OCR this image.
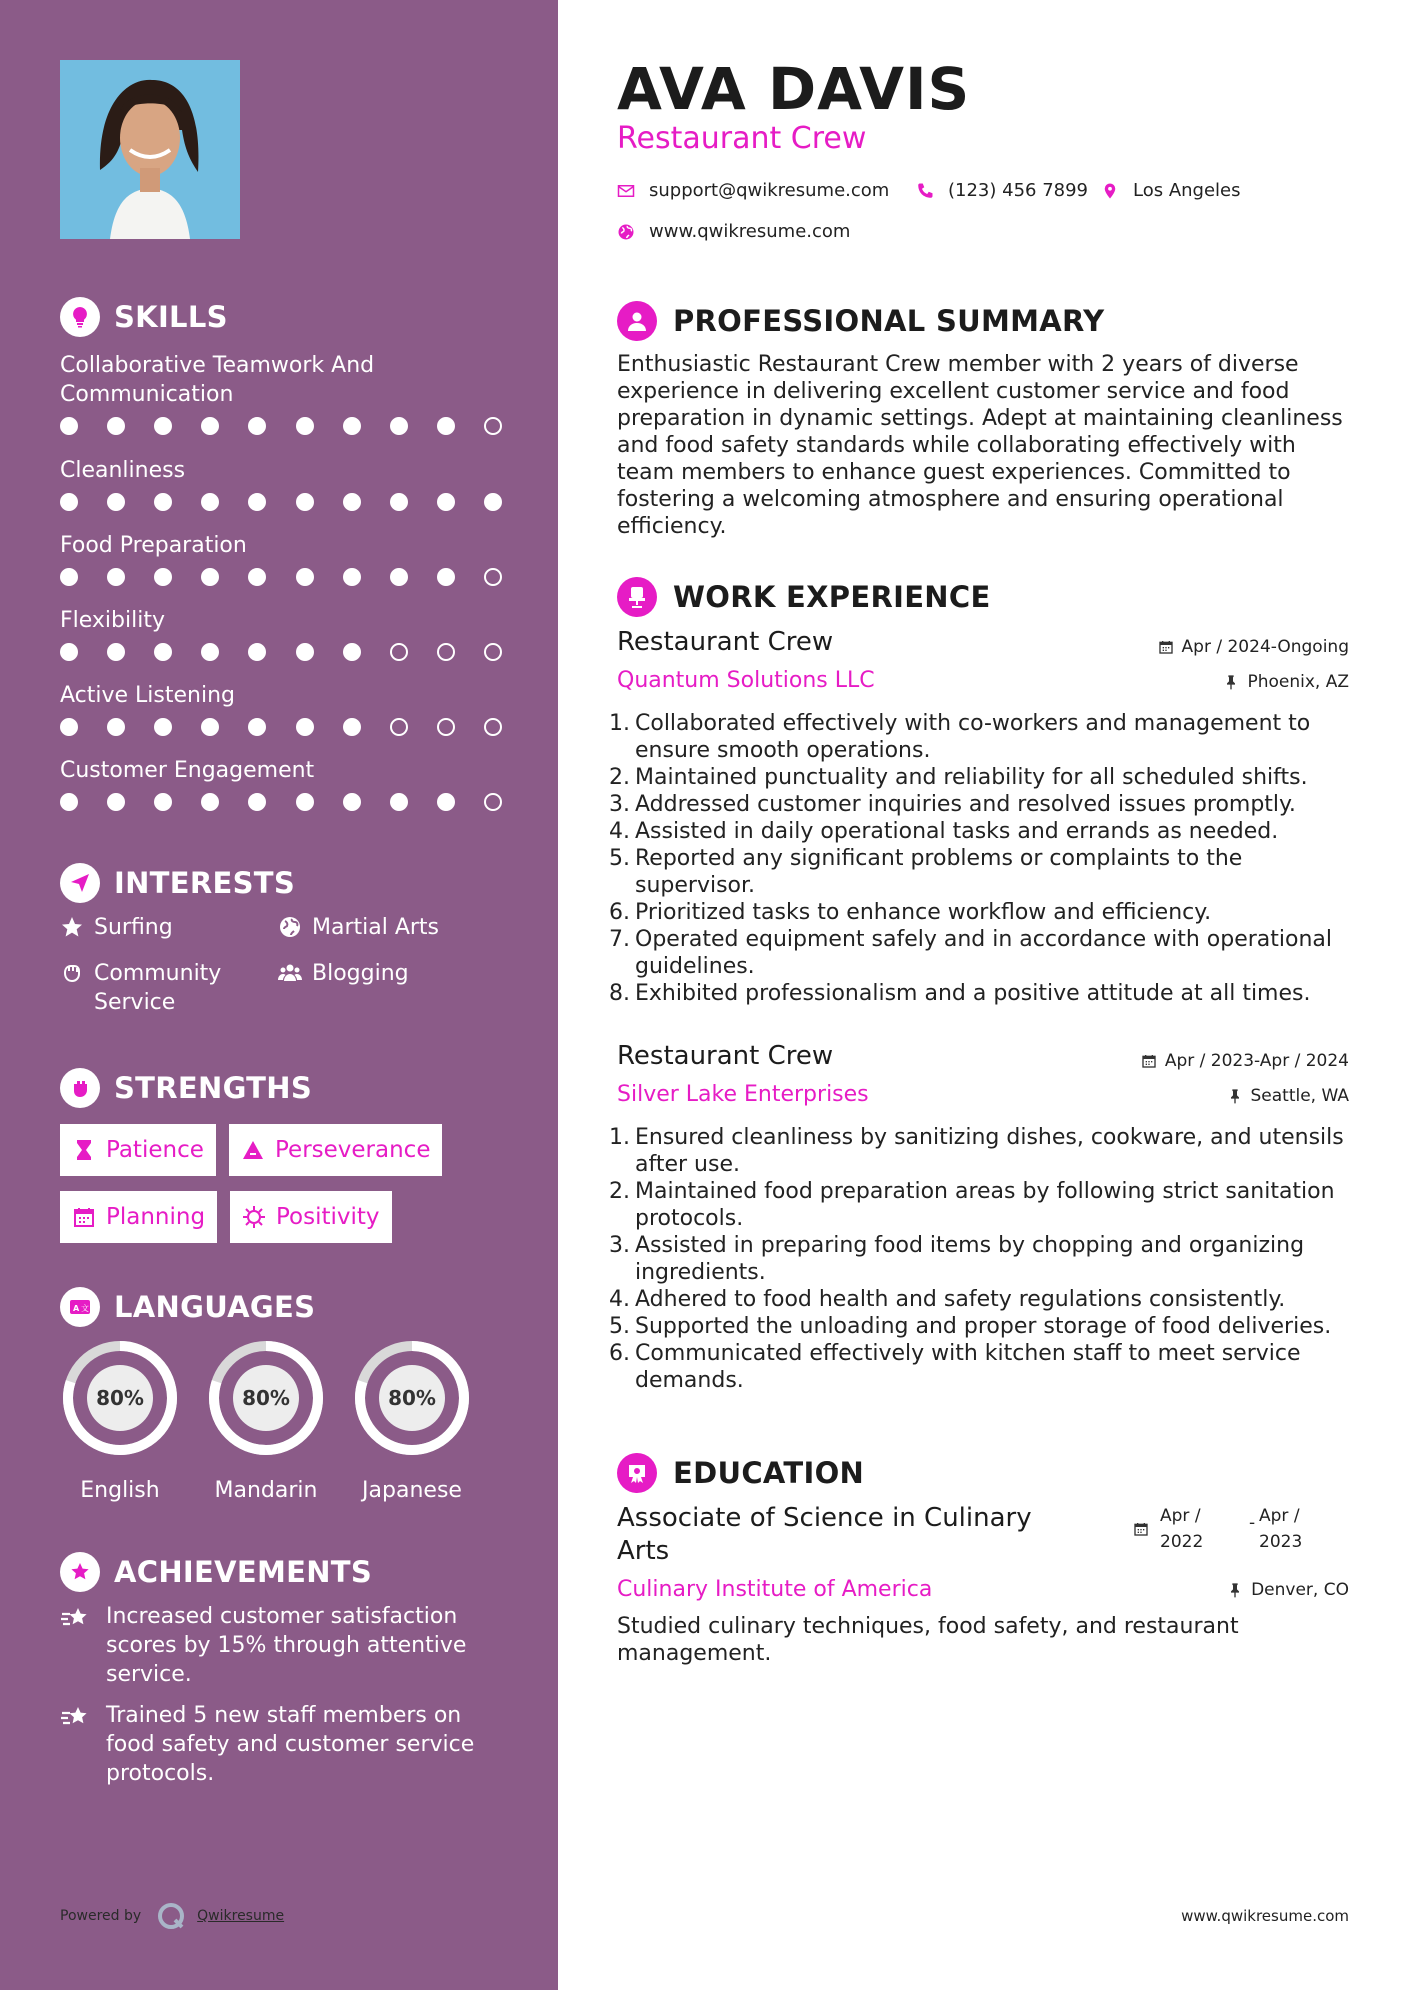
SKILLS
Collaborative Teamwork And Communication
Cleanliness
Food Preparation
Flexibility
Active Listening
Customer Engagement
INTERESTS
Surfing	Martial Arts
Community Service
Blogging
STRENGTHS
Patience	Perseverance
Planning	Positivity
A 文 LANGUAGES
80%
English
80%
Mandarin
80%
Japanese
ACHIEVEMENTS
Increased customer satisfaction scores by 15% through attentive service.
Trained 5 new staff members on food safety and customer service protocols.
Powered by	Qwikresume
AVA DAVIS
Restaurant Crew
support@qwikresume.com	(123) 456 7899 Los Angeles
www.qwikresume.com
PROFESSIONAL SUMMARY
Enthusiastic Restaurant Crew member with 2 years of diverse experience in delivering excellent customer service and food preparation in dynamic settings. Adept at maintaining cleanliness and food safety standards while collaborating effectively with team members to enhance guest experiences. Committed to fostering a welcoming atmosphere and ensuring operational efficiency.
WORK EXPERIENCE
Restaurant Crew	Apr / 2024-Ongoing
Quantum Solutions LLC	Phoenix, AZ
1. Collaborated effectively with co-workers and management to ensure smooth operations.
2. Maintained punctuality and reliability for all scheduled shifts.
3. Addressed customer inquiries and resolved issues promptly.
4. Assisted in daily operational tasks and errands as needed.
5. Reported any significant problems or complaints to the supervisor.
6. Prioritized tasks to enhance workflow and efficiency.
7. Operated equipment safely and in accordance with operational guidelines.
8. Exhibited professionalism and a positive attitude at all times.
Restaurant Crew	Apr / 2023-Apr / 2024
Silver Lake Enterprises	Seattle, WA
1. Ensured cleanliness by sanitizing dishes, cookware, and utensils after use.
2. Maintained food preparation areas by following strict sanitation protocols.
3. Assisted in preparing food items by chopping and organizing ingredients.
4. Adhered to food health and safety regulations consistently.
5. Supported the unloading and proper storage of food deliveries.
6. Communicated effectively with kitchen staff to meet service demands.
EDUCATION
Associate of Science in Culinary Arts
Apr /
2022
- Apr /
2023
Culinary Institute of America	Denver, CO
Studied culinary techniques, food safety, and restaurant management.
www.qwikresume.com
